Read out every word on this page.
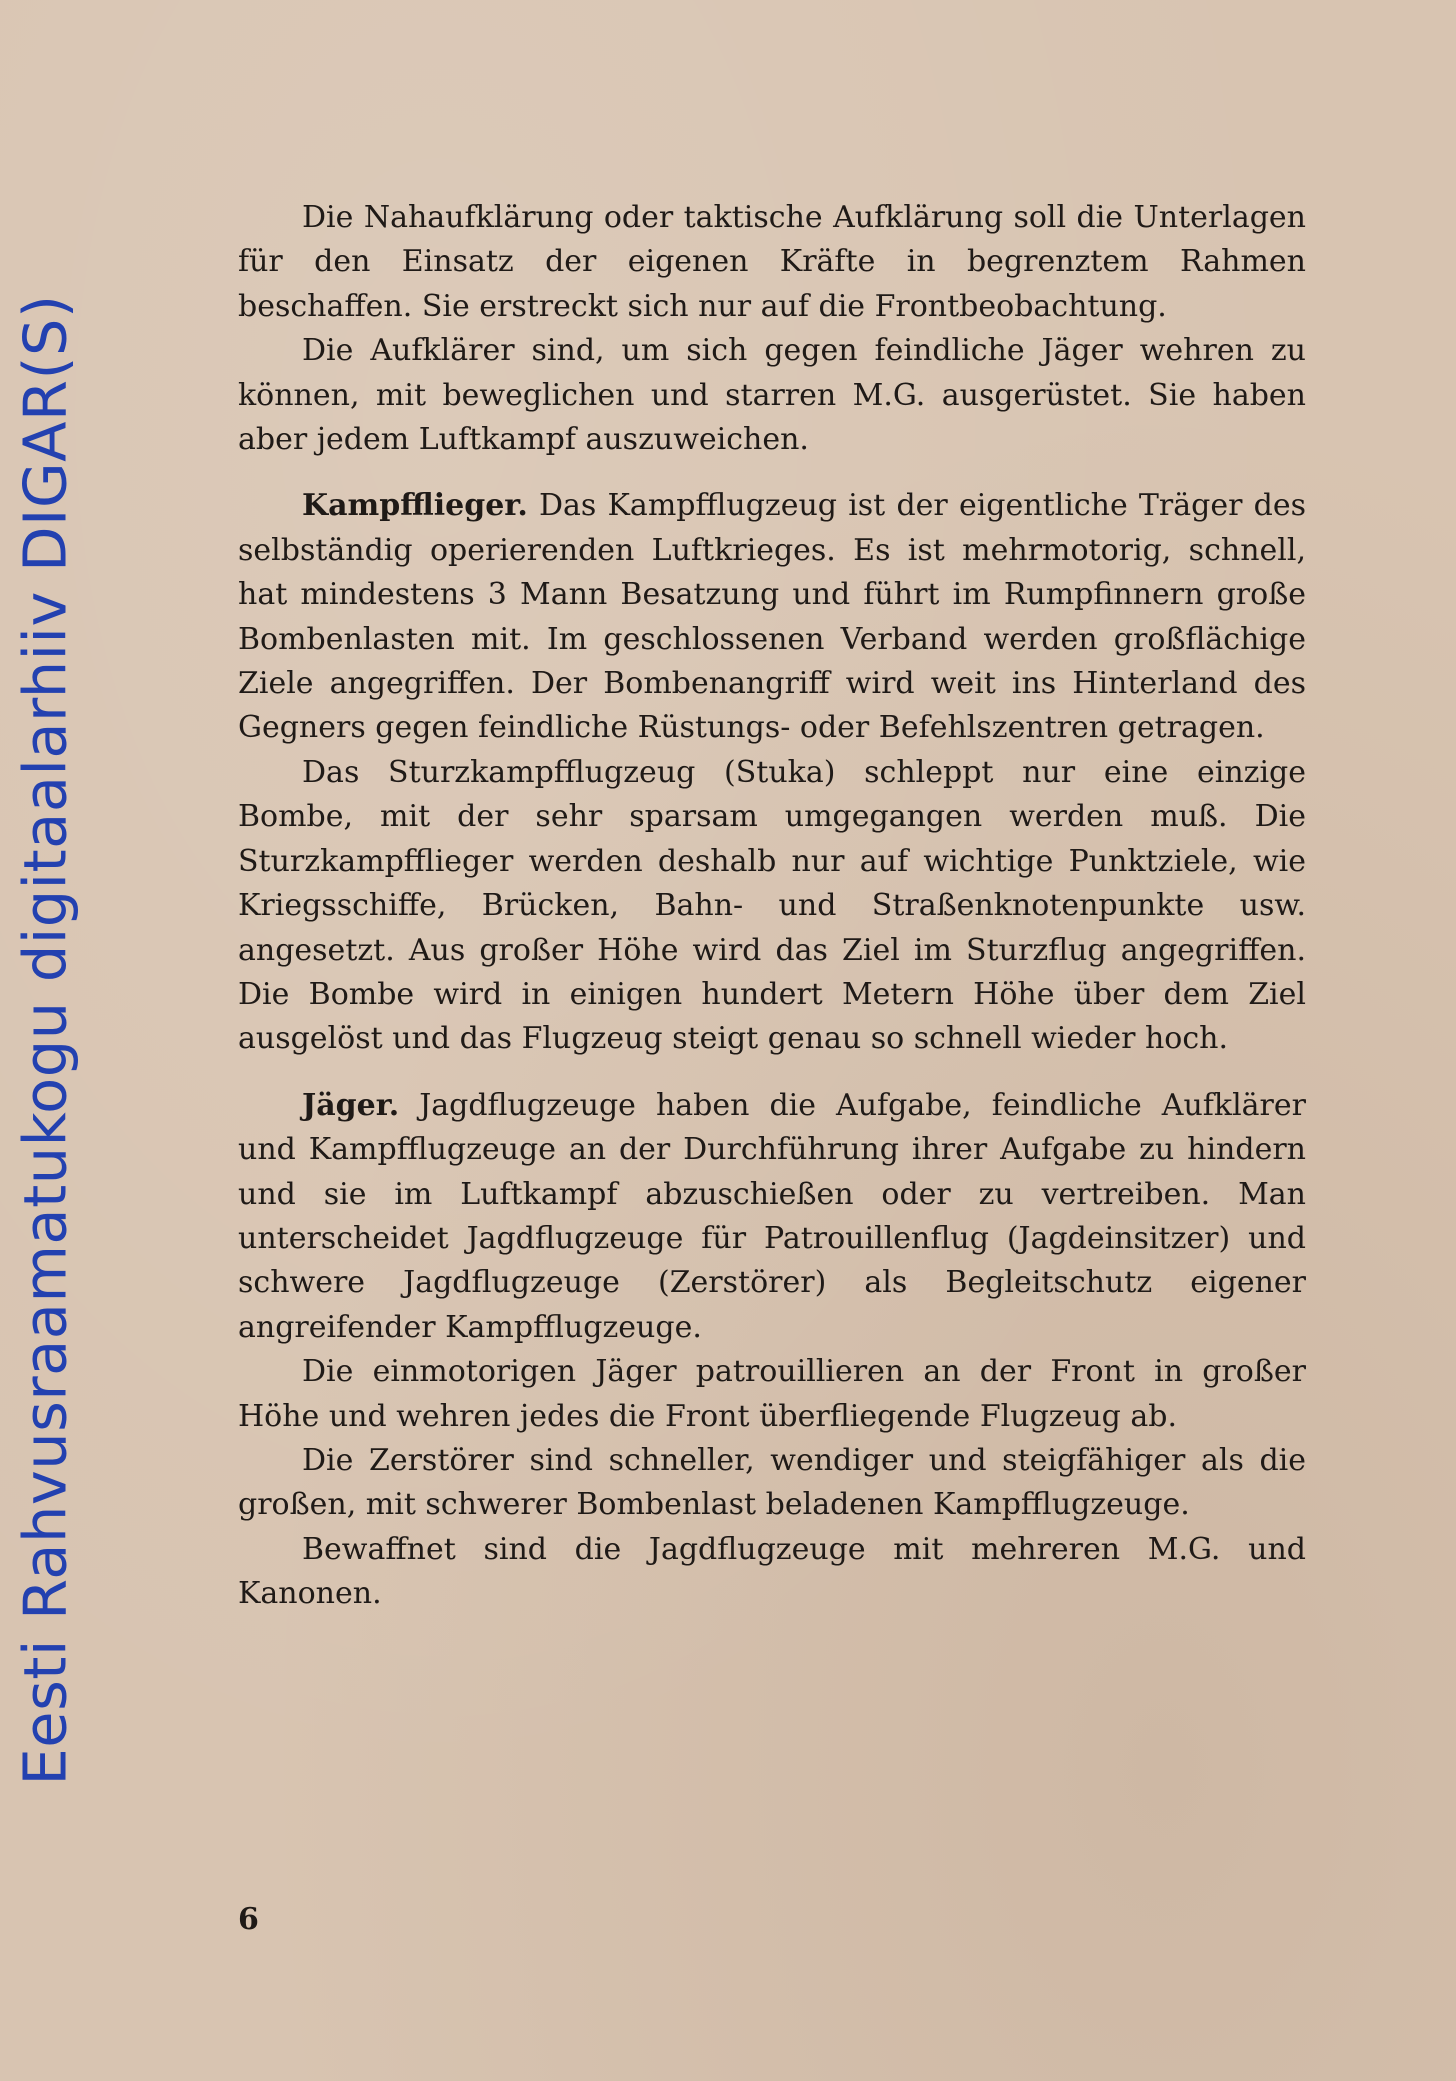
Eesti Rahvusraamatukogu digitaalarhiiv DIGAR(S)

Die Nahaufklärung oder taktische Aufklärung soll die Unterlagen für den Einsatz der eigenen Kräfte in begrenztem Rahmen beschaffen. Sie erstreckt sich nur auf die Frontbeobachtung.

Die Aufklärer sind, um sich gegen feindliche Jäger wehren zu können, mit beweglichen und starren M.G. ausgerüstet. Sie haben aber jedem Luftkampf auszuweichen.

Kampfflieger. Das Kampfflugzeug ist der eigentliche Träger des selbständig operierenden Luftkrieges. Es ist mehrmotorig, schnell, hat mindestens 3 Mann Besatzung und führt im Rumpfinnern große Bombenlasten mit. Im geschlossenen Verband werden großflächige Ziele angegriffen. Der Bombenangriff wird weit ins Hinterland des Gegners gegen feindliche Rüstungs- oder Befehlszentren getragen.

Das Sturzkampfflugzeug (Stuka) schleppt nur eine einzige Bombe, mit der sehr sparsam umgegangen werden muß. Die Sturzkampfflieger werden deshalb nur auf wichtige Punktziele, wie Kriegsschiffe, Brücken, Bahn- und Straßenknotenpunkte usw. angesetzt. Aus großer Höhe wird das Ziel im Sturzflug angegriffen. Die Bombe wird in einigen hundert Metern Höhe über dem Ziel ausgelöst und das Flugzeug steigt genau so schnell wieder hoch.

Jäger. Jagdflugzeuge haben die Aufgabe, feindliche Aufklärer und Kampfflugzeuge an der Durchführung ihrer Aufgabe zu hindern und sie im Luftkampf abzuschießen oder zu vertreiben. Man unterscheidet Jagdflugzeuge für Patrouillenflug (Jagdeinsitzer) und schwere Jagdflugzeuge (Zerstörer) als Begleitschutz eigener angreifender Kampfflugzeuge.

Die einmotorigen Jäger patrouillieren an der Front in großer Höhe und wehren jedes die Front überfliegende Flugzeug ab.

Die Zerstörer sind schneller, wendiger und steigfähiger als die großen, mit schwerer Bombenlast beladenen Kampfflugzeuge.

Bewaffnet sind die Jagdflugzeuge mit mehreren M.G. und Kanonen.

6
